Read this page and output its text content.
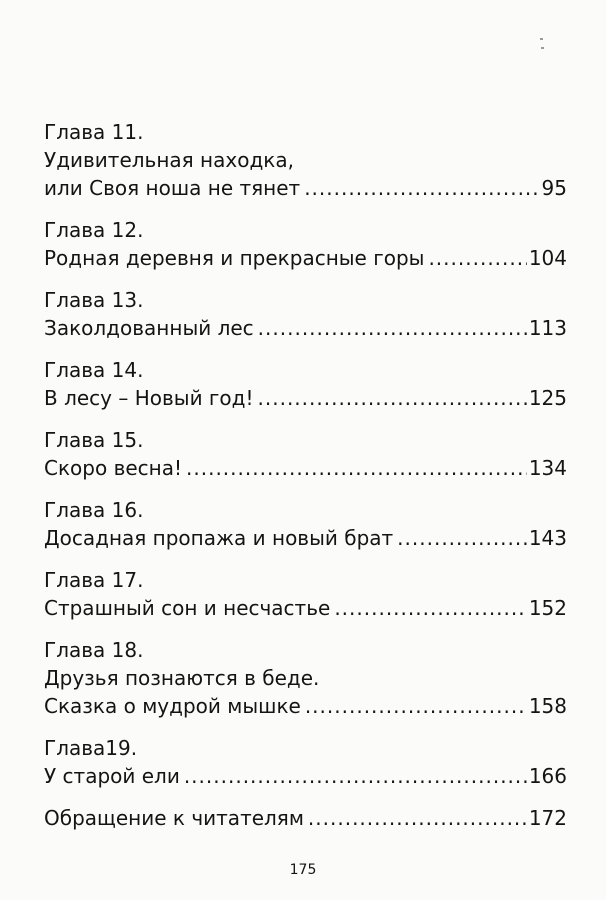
Глава 11.
Удивительная находка,
или Своя ноша не тянет .....	95
Глава 12.
Родная деревня и прекрасные горы .....	104
Глава 13.
Заколдованный лес .....	113
Глава 14.
В лесу – Новый год! .....	125
Глава 15.
Скоро весна! .....	134
Глава 16.
Досадная пропажа и новый брат .....	143
Глава 17.
Страшный сон и несчастье .....	152
Глава 18.
Друзья познаются в беде.
Сказка о мудрой мышке .....	158
Глава19.
У старой ели .....	166
Обращение к читателям .....	172
175
